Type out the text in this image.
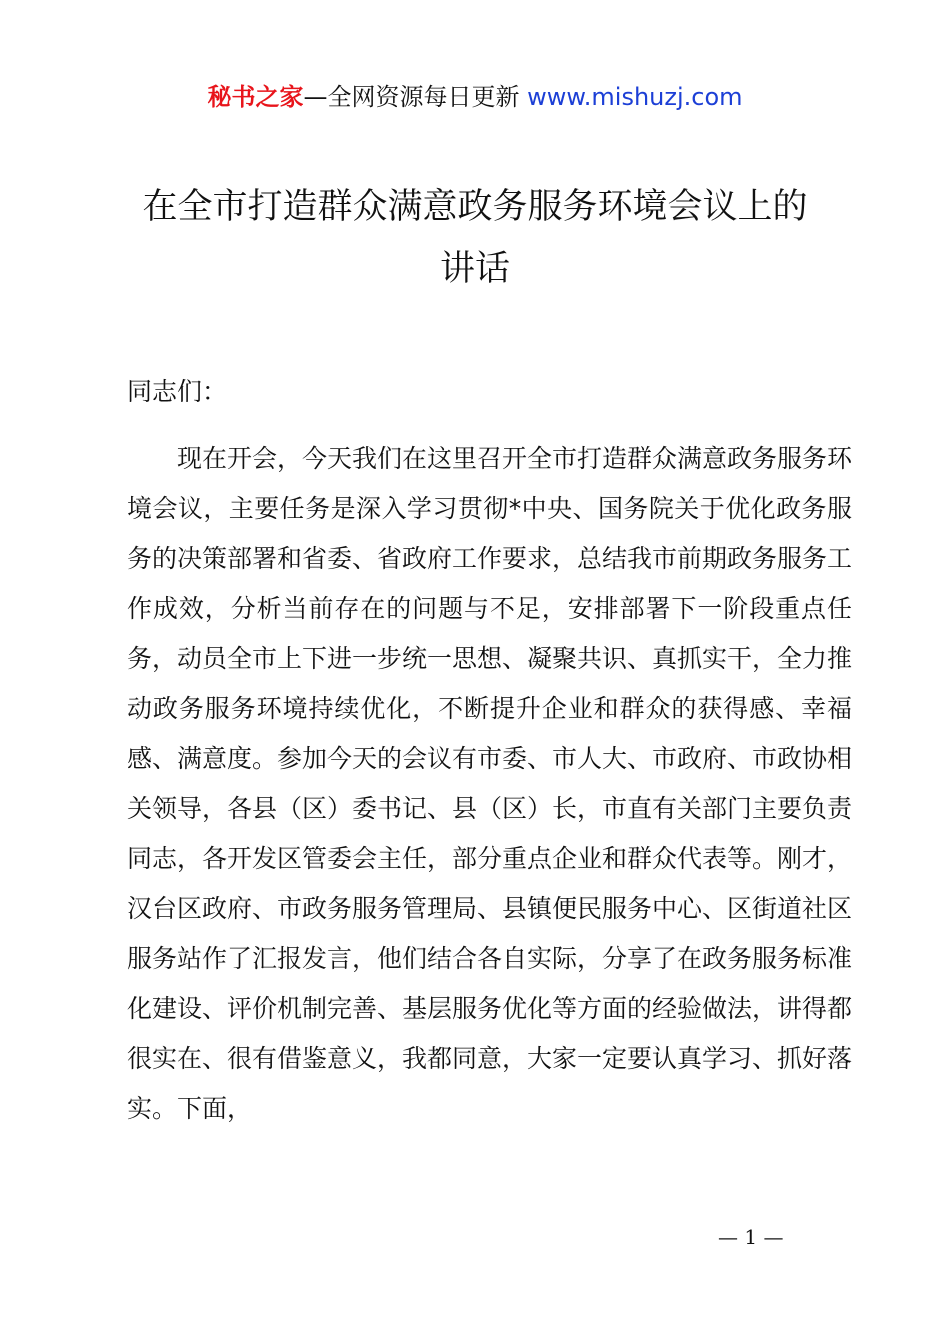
秘书之家—全网资源每日更新 www.mishuzj.com
在全市打造群众满意政务服务环境会议上的
讲话
同志们：

现在开会，今天我们在这里召开全市打造群众满意政务服务环境会议，主要任务是深入学习贯彻*中央、国务院关于优化政务服务的决策部署和省委、省政府工作要求，总结我市前期政务服务工作成效，分析当前存在的问题与不足，安排部署下一阶段重点任务，动员全市上下进一步统一思想、凝聚共识、真抓实干，全力推动政务服务环境持续优化，不断提升企业和群众的获得感、幸福感、满意度。参加今天的会议有市委、市人大、市政府、市政协相关领导，各县（区）委书记、县（区）长，市直有关部门主要负责同志，各开发区管委会主任，部分重点企业和群众代表等。刚才，汉台区政府、市政务服务管理局、县镇便民服务中心、区街道社区服务站作了汇报发言，他们结合各自实际，分享了在政务服务标准化建设、评价机制完善、基层服务优化等方面的经验做法，讲得都很实在、很有借鉴意义，我都同意，大家一定要认真学习、抓好落实。下面，

— 1 —
